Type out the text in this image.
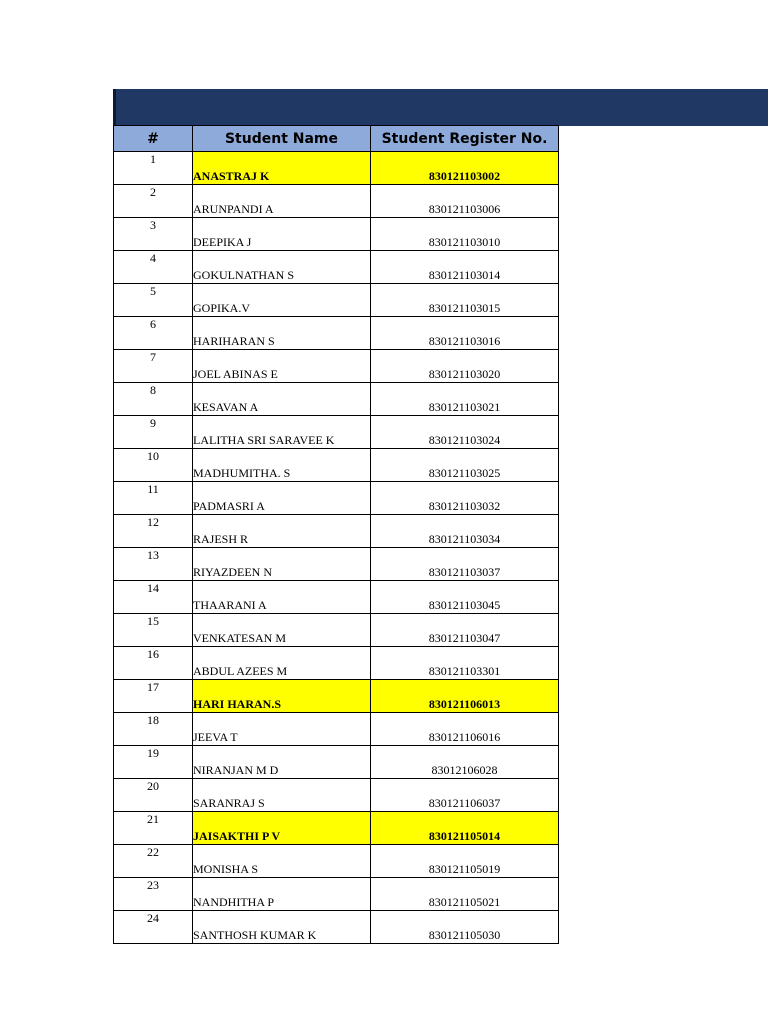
#	Student Name	Student Register No.
1	ANASTRAJ K	830121103002
2	ARUNPANDI A	830121103006
3	DEEPIKA J	830121103010
4	GOKULNATHAN S	830121103014
5	GOPIKA.V	830121103015
6	HARIHARAN S	830121103016
7	JOEL ABINAS E	830121103020
8	KESAVAN A	830121103021
9	LALITHA SRI SARAVEE K	830121103024
10	MADHUMITHA. S	830121103025
11	PADMASRI A	830121103032
12	RAJESH R	830121103034
13	RIYAZDEEN N	830121103037
14	THAARANI A	830121103045
15	VENKATESAN M	830121103047
16	ABDUL AZEES M	830121103301
17	HARI HARAN.S	830121106013
18	JEEVA T	830121106016
19	NIRANJAN M D	83012106028
20	SARANRAJ S	830121106037
21	JAISAKTHI P V	830121105014
22	MONISHA S	830121105019
23	NANDHITHA P	830121105021
24	SANTHOSH KUMAR K	830121105030
